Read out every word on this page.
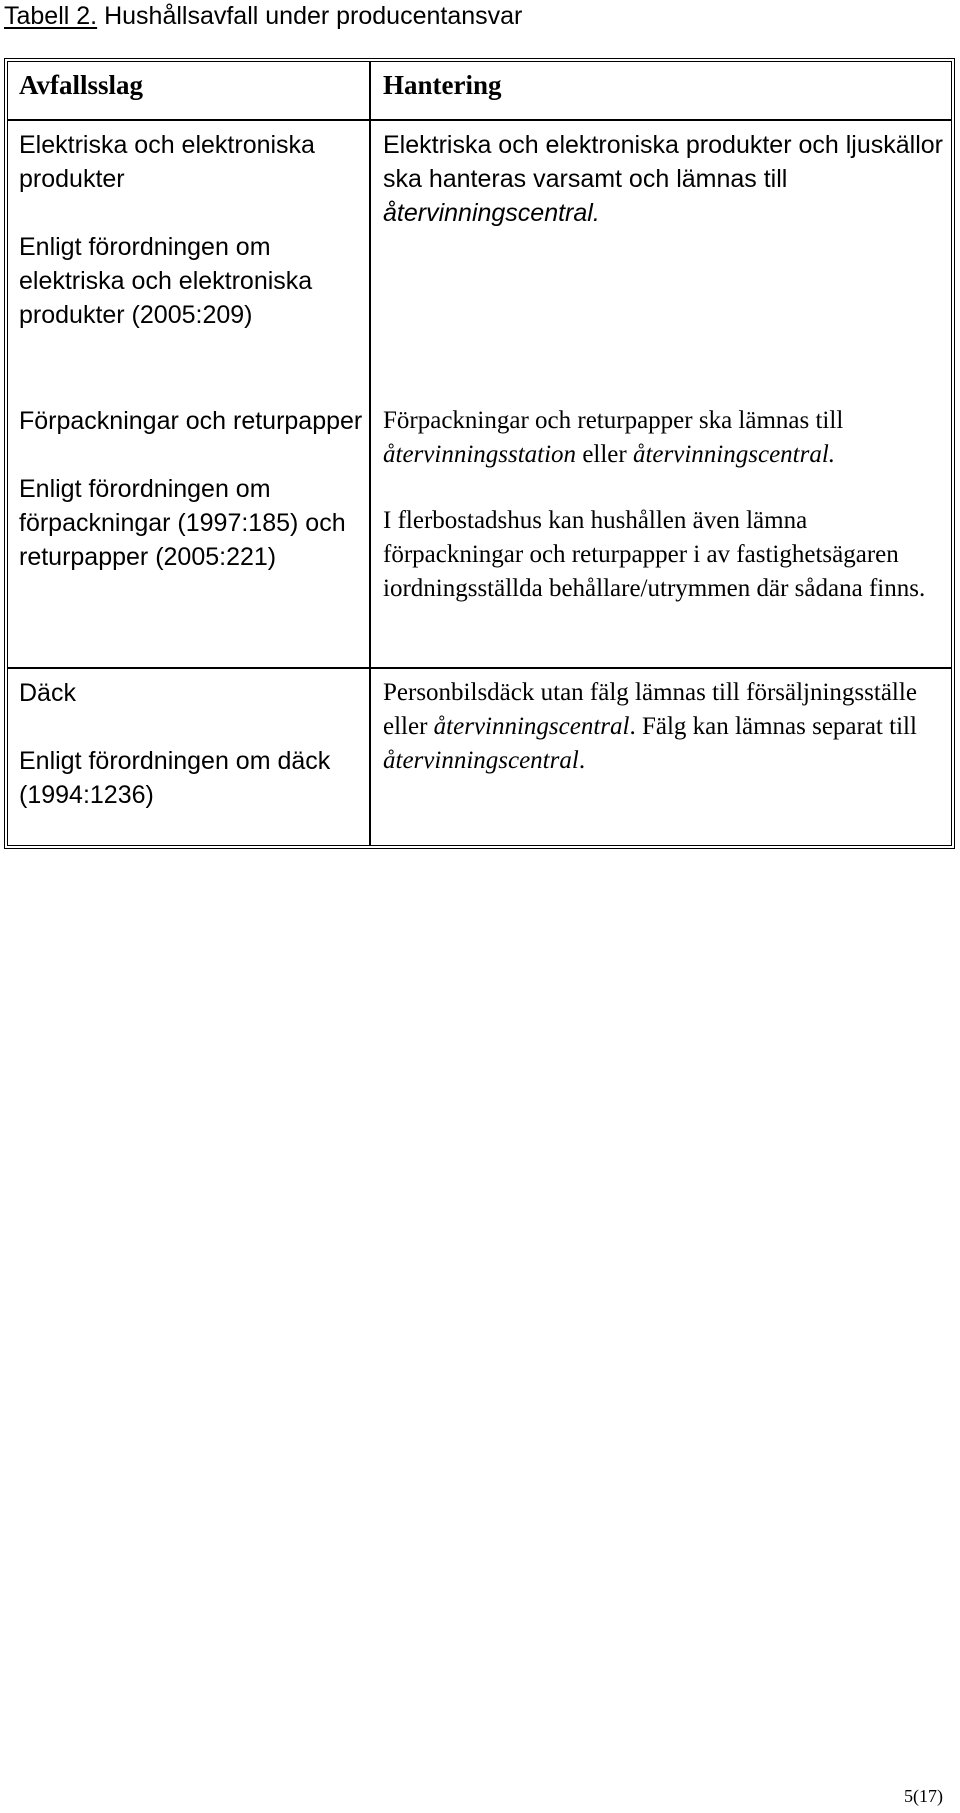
Tabell 2. Hushållsavfall under producentansvar
Avfallsslag	Hantering

Elektriska och elektroniska produkter

Enligt förordningen om elektriska och elektroniska produkter (2005:209)

Elektriska och elektroniska produkter och ljuskällor ska hanteras varsamt och lämnas till återvinningscentral.

Förpackningar och returpapper

Enligt förordningen om förpackningar (1997:185) och returpapper (2005:221)

Förpackningar och returpapper ska lämnas till återvinningsstation eller återvinningscentral.

I flerbostadshus kan hushållen även lämna förpackningar och returpapper i av fastighetsägaren iordningsställda behållare/utrymmen där sådana finns.

Däck

Enligt förordningen om däck (1994:1236)

Personbilsdäck utan fälg lämnas till försäljningsställe eller återvinningscentral. Fälg kan lämnas separat till återvinningscentral.

5(17)
